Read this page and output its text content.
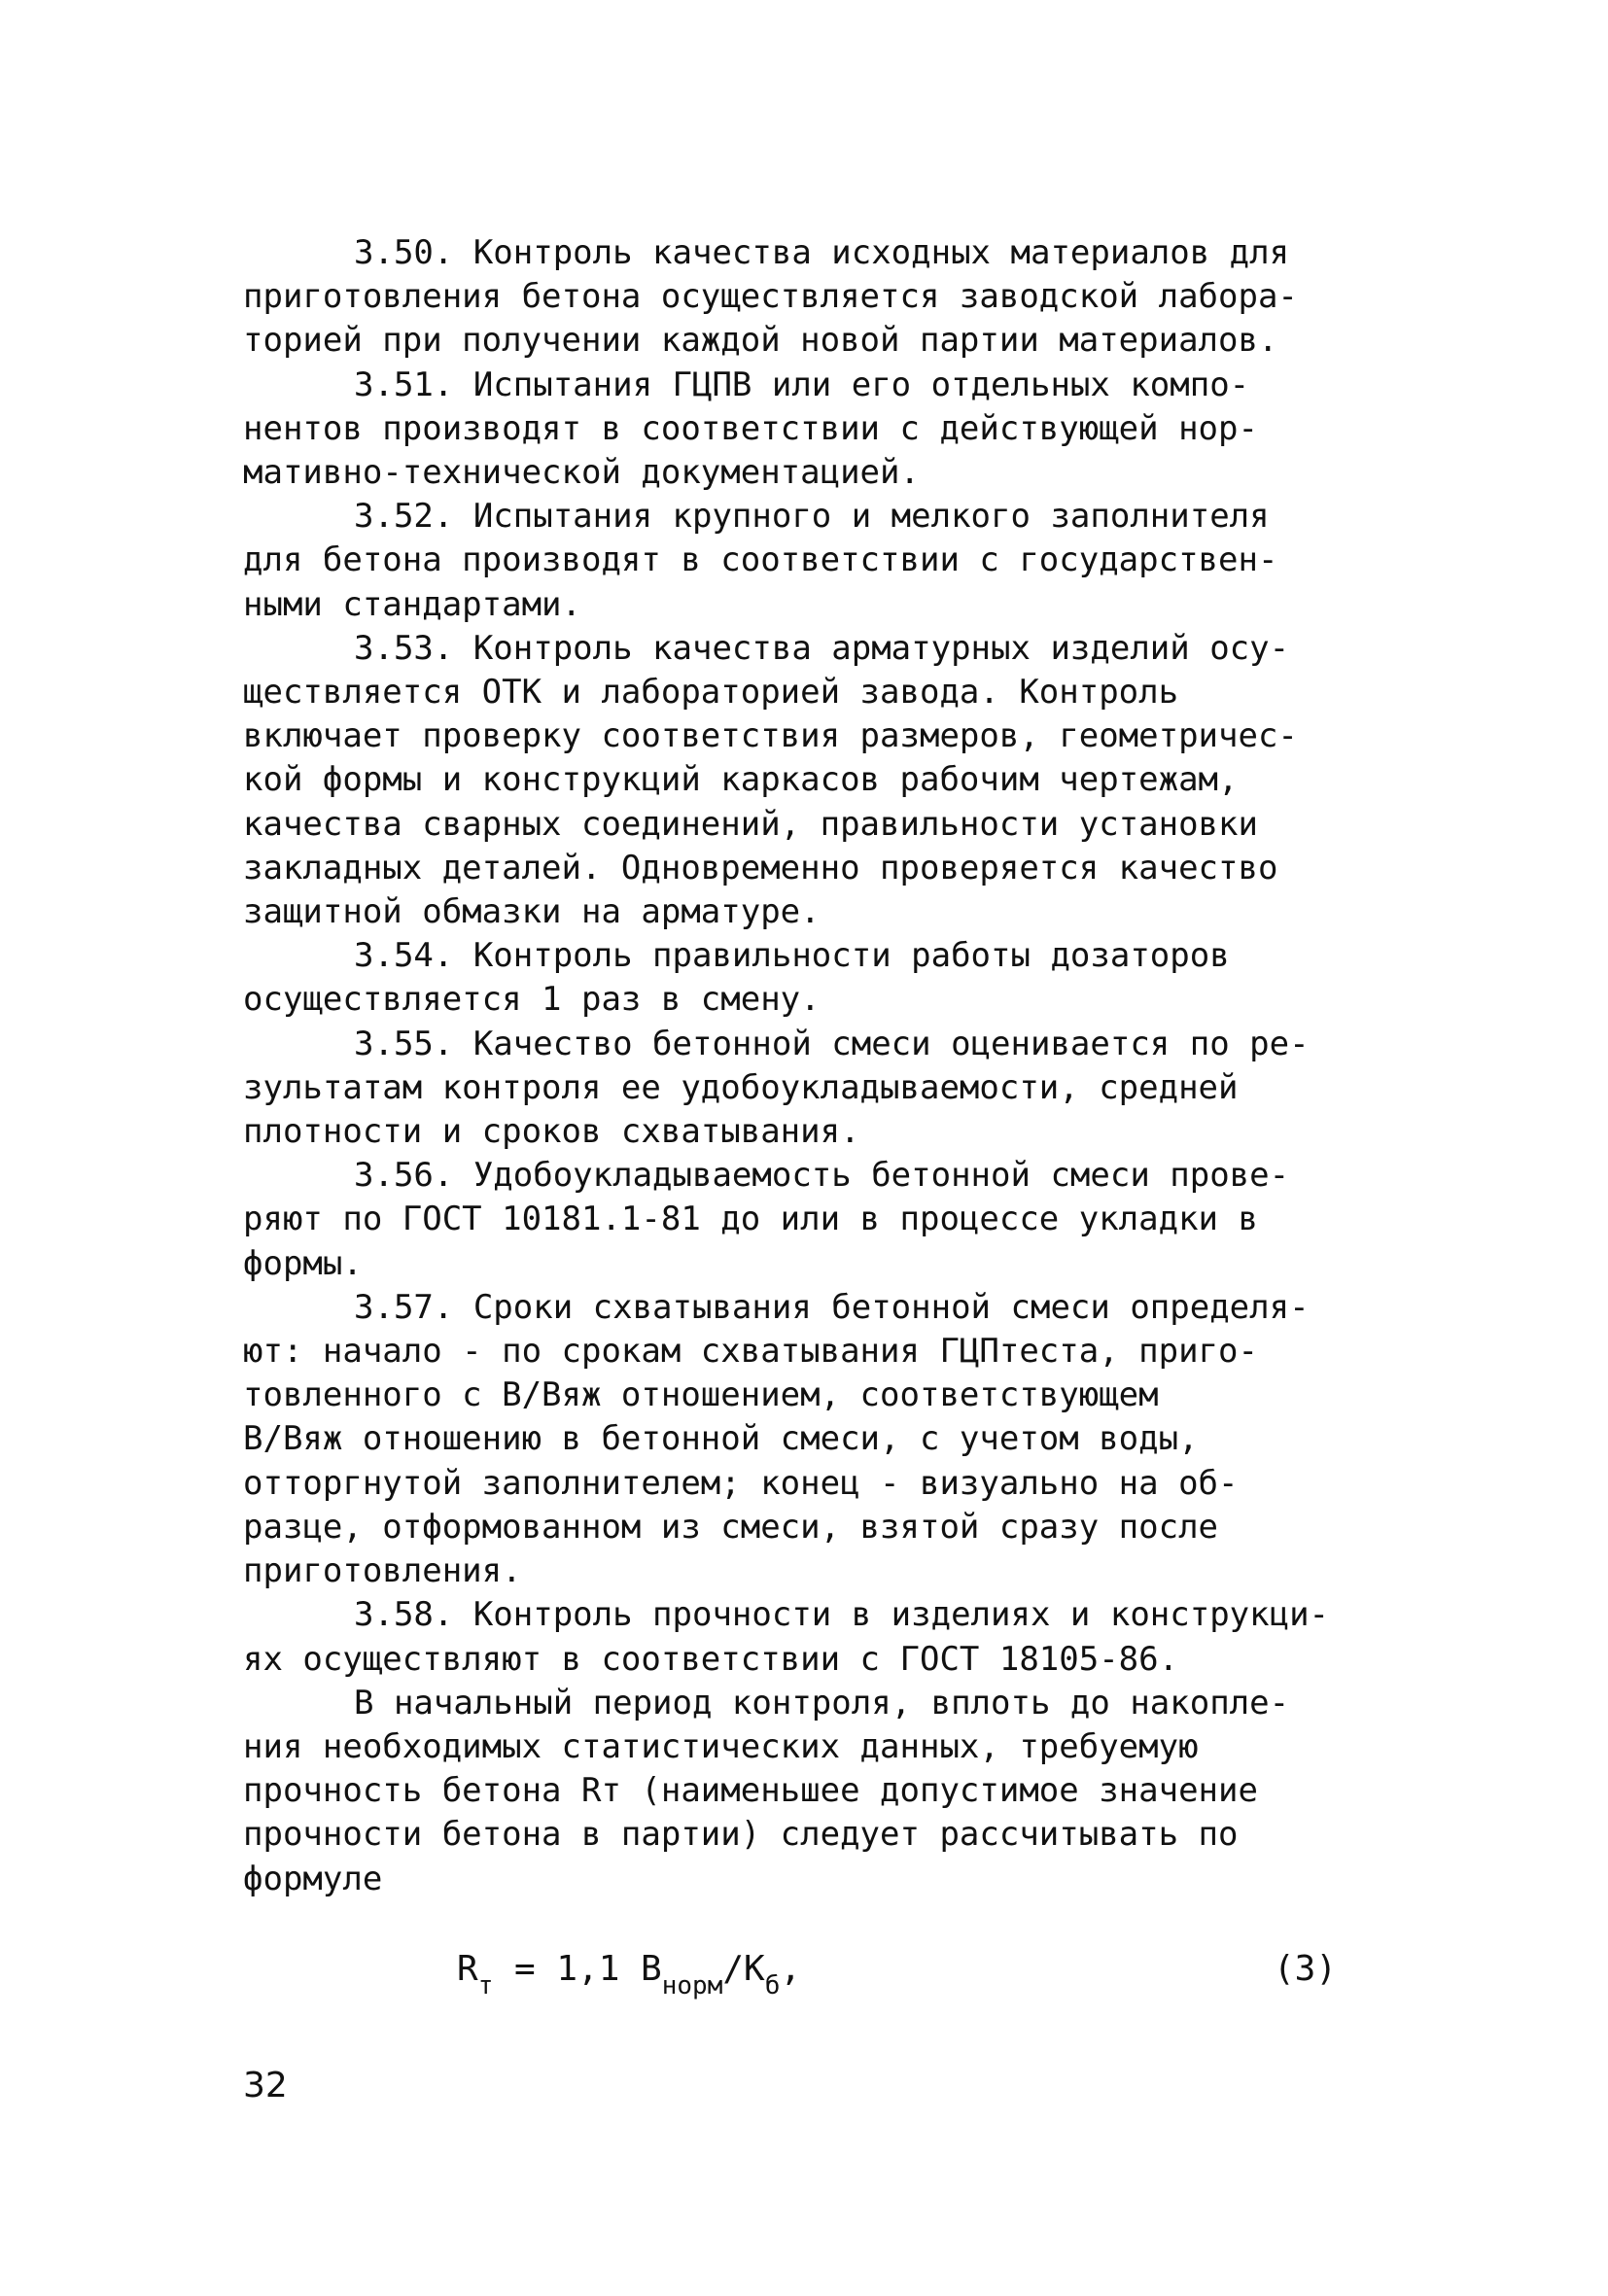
3.50. Контроль качества исходных материалов для
приготовления бетона осуществляется заводской лабора-
торией при получении каждой новой партии материалов.
3.51. Испытания ГЦПВ или его отдельных компо-
нентов производят в соответствии с действующей нор-
мативно-технической документацией.
3.52. Испытания крупного и мелкого заполнителя
для бетона производят в соответствии с государствен-
ными стандартами.
3.53. Контроль качества арматурных изделий осу-
ществляется ОТК и лабораторией завода. Контроль
включает проверку соответствия размеров, геометричес-
кой формы и конструкций каркасов рабочим чертежам,
качества сварных соединений, правильности установки
закладных деталей. Одновременно проверяется качество
защитной обмазки на арматуре.
3.54. Контроль правильности работы дозаторов
осуществляется 1 раз в смену.
3.55. Качество бетонной смеси оценивается по ре-
зультатам контроля ее удобоукладываемости, средней
плотности и сроков схватывания.
3.56. Удобоукладываемость бетонной смеси прове-
ряют по ГОСТ 10181.1-81 до или в процессе укладки в
формы.
3.57. Сроки схватывания бетонной смеси определя-
ют: начало - по срокам схватывания ГЦПтеста, приго-
товленного с В/Вяж отношением, соответствующем
В/Вяж отношению в бетонной смеси, с учетом воды,
отторгнутой заполнителем; конец - визуально на об-
разце, отформованном из смеси, взятой сразу после
приготовления.
3.58. Контроль прочности в изделиях и конструкци-
ях осуществляют в соответствии с ГОСТ 18105-86.
В начальный период контроля, вплоть до накопле-
ния необходимых статистических данных, требуемую
прочность бетона Rт (наименьшее допустимое значение
прочности бетона в партии) следует рассчитывать по
формуле
$R_т = 1,1$ $B_{норм}/K_б$,	(3)
32
